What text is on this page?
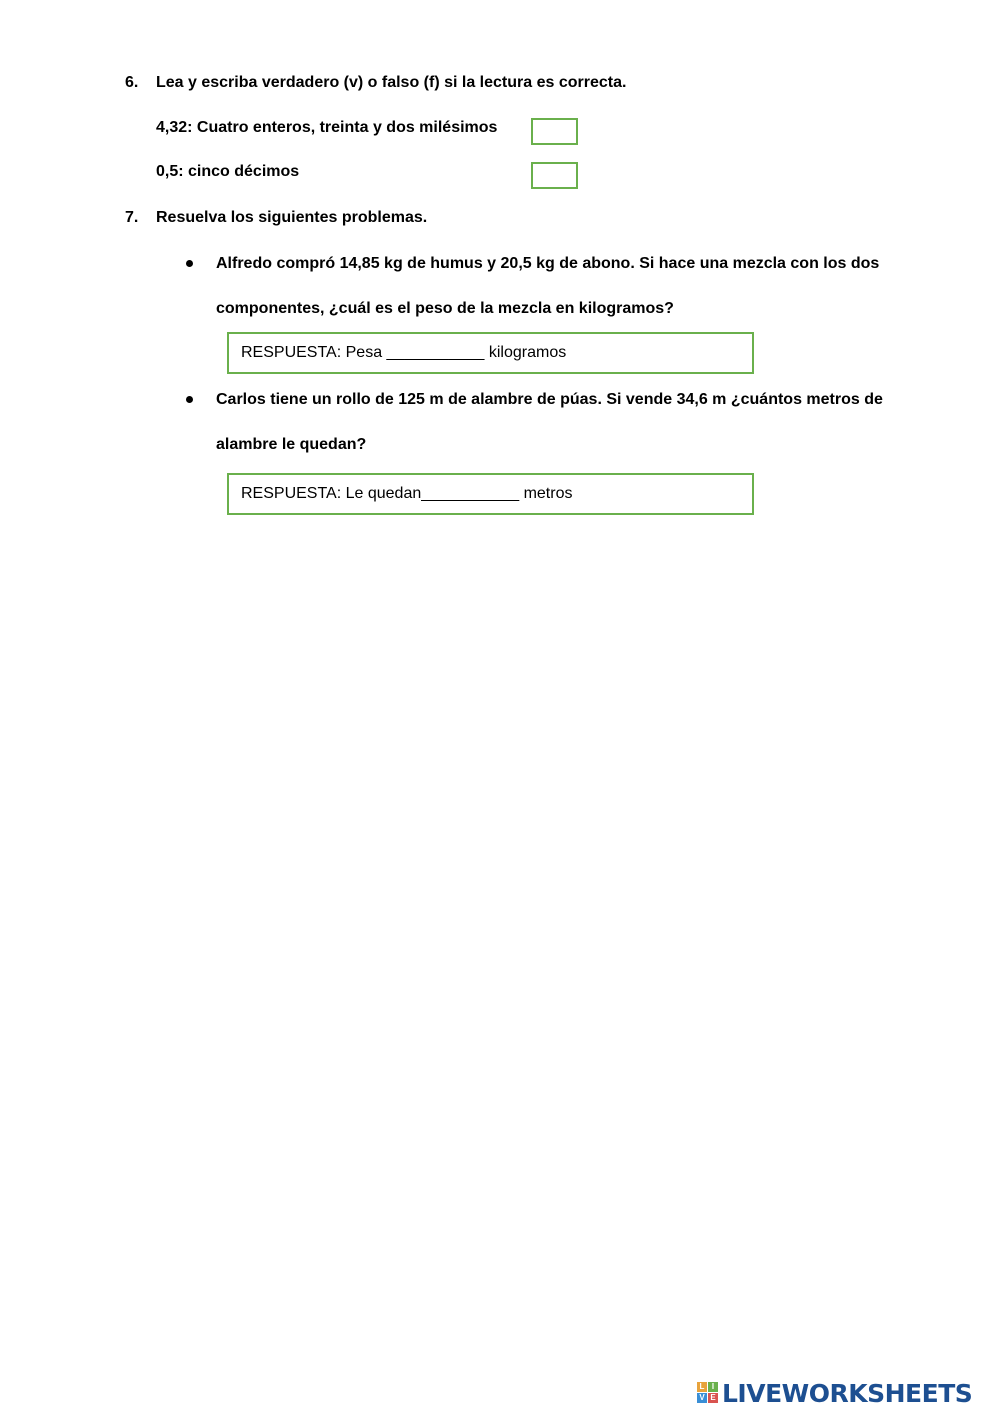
6. Lea y escriba verdadero (v) o falso (f) si la lectura es correcta.
4,32: Cuatro enteros, treinta y dos milésimos
0,5: cinco décimos
7. Resuelva los siguientes problemas.
Alfredo compró 14,85 kg de humus y 20,5 kg de abono. Si hace una mezcla con los dos
componentes, ¿cuál es el peso de la mezcla en kilogramos?
RESPUESTA: Pesa ___________ kilogramos
Carlos tiene un rollo de 125 m de alambre de púas. Si vende 34,6 m ¿cuántos metros de
alambre le quedan?
RESPUESTA: Le quedan___________ metros
L I
V E LIVEWORKSHEETS
